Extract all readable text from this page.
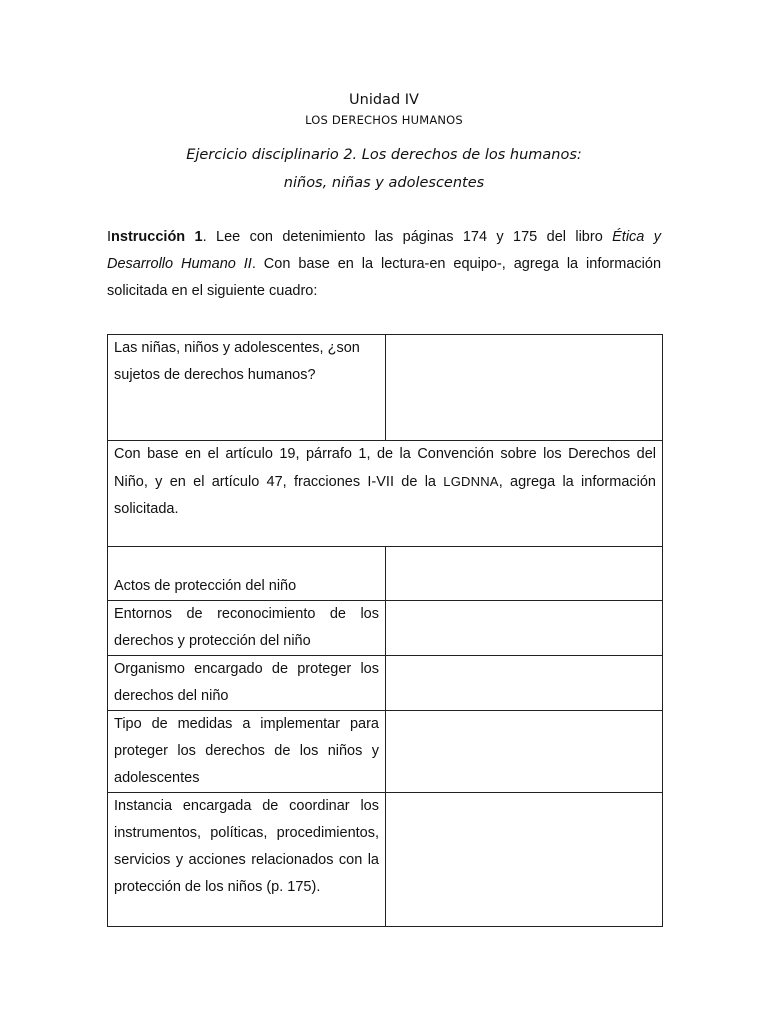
Unidad IV
LOS DERECHOS HUMANOS
Ejercicio disciplinario 2. Los derechos de los humanos:
niños, niñas y adolescentes

Instrucción 1. Lee con detenimiento las páginas 174 y 175 del libro Ética y Desarrollo Humano II. Con base en la lectura-en equipo-, agrega la información solicitada en el siguiente cuadro:

Las niñas, niños y adolescentes, ¿son
sujetos de derechos humanos?	

Con base en el artículo 19, párrafo 1, de la Convención sobre los Derechos del Niño, y en el artículo 47, fracciones I-VII de la LGDNNA, agrega la información solicitada.	
Actos de protección del niño	
Entornos de reconocimiento de los derechos y protección del niño	
Organismo encargado de proteger los derechos del niño	
Tipo de medidas a implementar para proteger los derechos de los niños y adolescentes	
Instancia encargada de coordinar los instrumentos, políticas, procedimientos, servicios y acciones relacionados con la protección de los niños (p. 175).	
